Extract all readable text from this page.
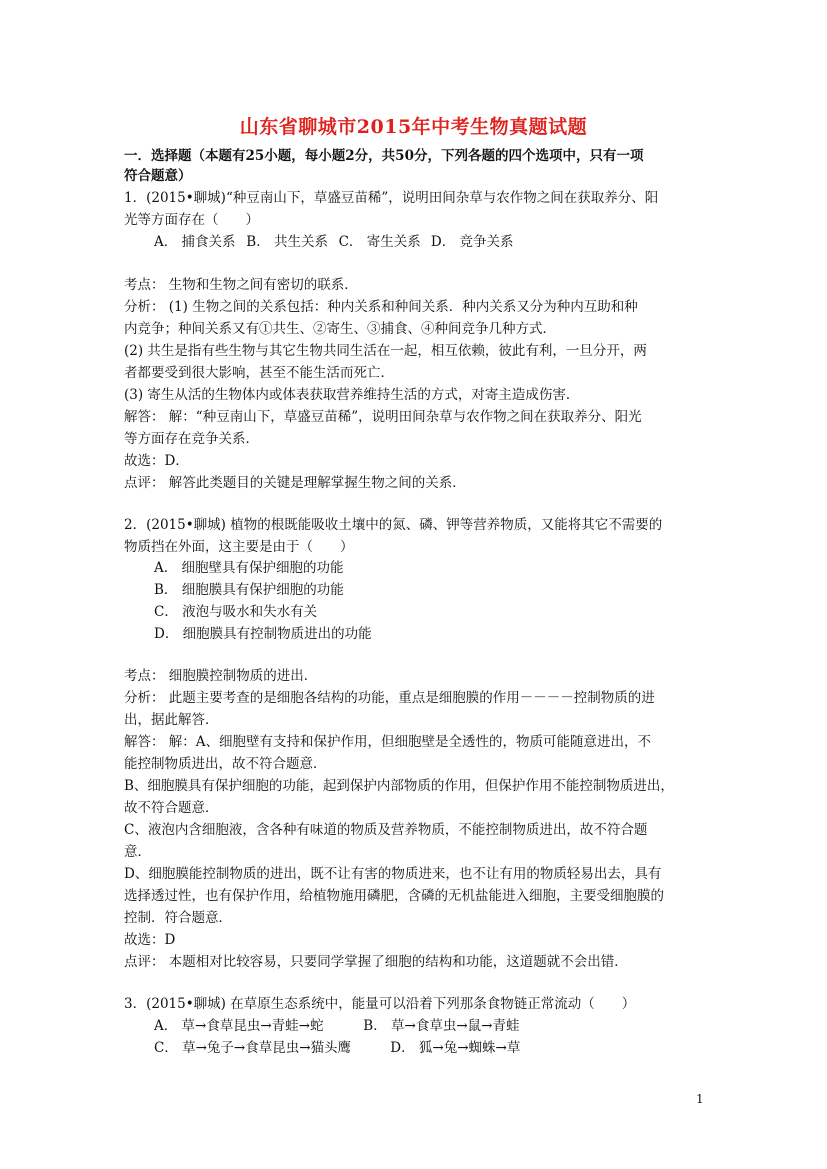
山东省聊城市2015年中考生物真题试题
一．选择题（本题有25小题，每小题2分，共50分，下列各题的四个选项中，只有一项
符合题意）
1．(2015•聊城)“种豆南山下，草盛豆苗稀”，说明田间杂草与农作物之间在获取养分、阳
光等方面存在（　　）
A． 捕食关系 B． 共生关系 C． 寄生关系 D． 竞争关系
考点： 生物和生物之间有密切的联系．
分析： (1) 生物之间的关系包括：种内关系和种间关系．种内关系又分为种内互助和种
内竞争；种间关系又有①共生、②寄生、③捕食、④种间竞争几种方式．
(2) 共生是指有些生物与其它生物共同生活在一起，相互依赖，彼此有利，一旦分开，两
者都要受到很大影响，甚至不能生活而死亡．
(3) 寄生从活的生物体内或体表获取营养维持生活的方式，对寄主造成伤害．
解答： 解：“种豆南山下，草盛豆苗稀”，说明田间杂草与农作物之间在获取养分、阳光
等方面存在竞争关系．
故选：D．
点评： 解答此类题目的关键是理解掌握生物之间的关系．
2．(2015•聊城) 植物的根既能吸收土壤中的氮、磷、钾等营养物质，又能将其它不需要的
物质挡在外面，这主要是由于（　　）
A． 细胞壁具有保护细胞的功能
B． 细胞膜具有保护细胞的功能
C． 液泡与吸水和失水有关
D． 细胞膜具有控制物质进出的功能
考点： 细胞膜控制物质的进出．
分析： 此题主要考查的是细胞各结构的功能，重点是细胞膜的作用－－－－控制物质的进
出，据此解答．
解答： 解：A、细胞壁有支持和保护作用，但细胞壁是全透性的，物质可能随意进出，不
能控制物质进出，故不符合题意．
B、细胞膜具有保护细胞的功能，起到保护内部物质的作用，但保护作用不能控制物质进出，
故不符合题意．
C、液泡内含细胞液，含各种有味道的物质及营养物质，不能控制物质进出，故不符合题
意．
D、细胞膜能控制物质的进出，既不让有害的物质进来，也不让有用的物质轻易出去，具有
选择透过性，也有保护作用，给植物施用磷肥，含磷的无机盐能进入细胞，主要受细胞膜的
控制．符合题意．
故选：D
点评： 本题相对比较容易，只要同学掌握了细胞的结构和功能，这道题就不会出错．
3．(2015•聊城) 在草原生态系统中，能量可以沿着下列那条食物链正常流动（　　）
A． 草→食草昆虫→青蛙→蛇	B． 草→食草虫→鼠→青蛙
C． 草→兔子→食草昆虫→猫头鹰	D． 狐→兔→蜘蛛→草
1
